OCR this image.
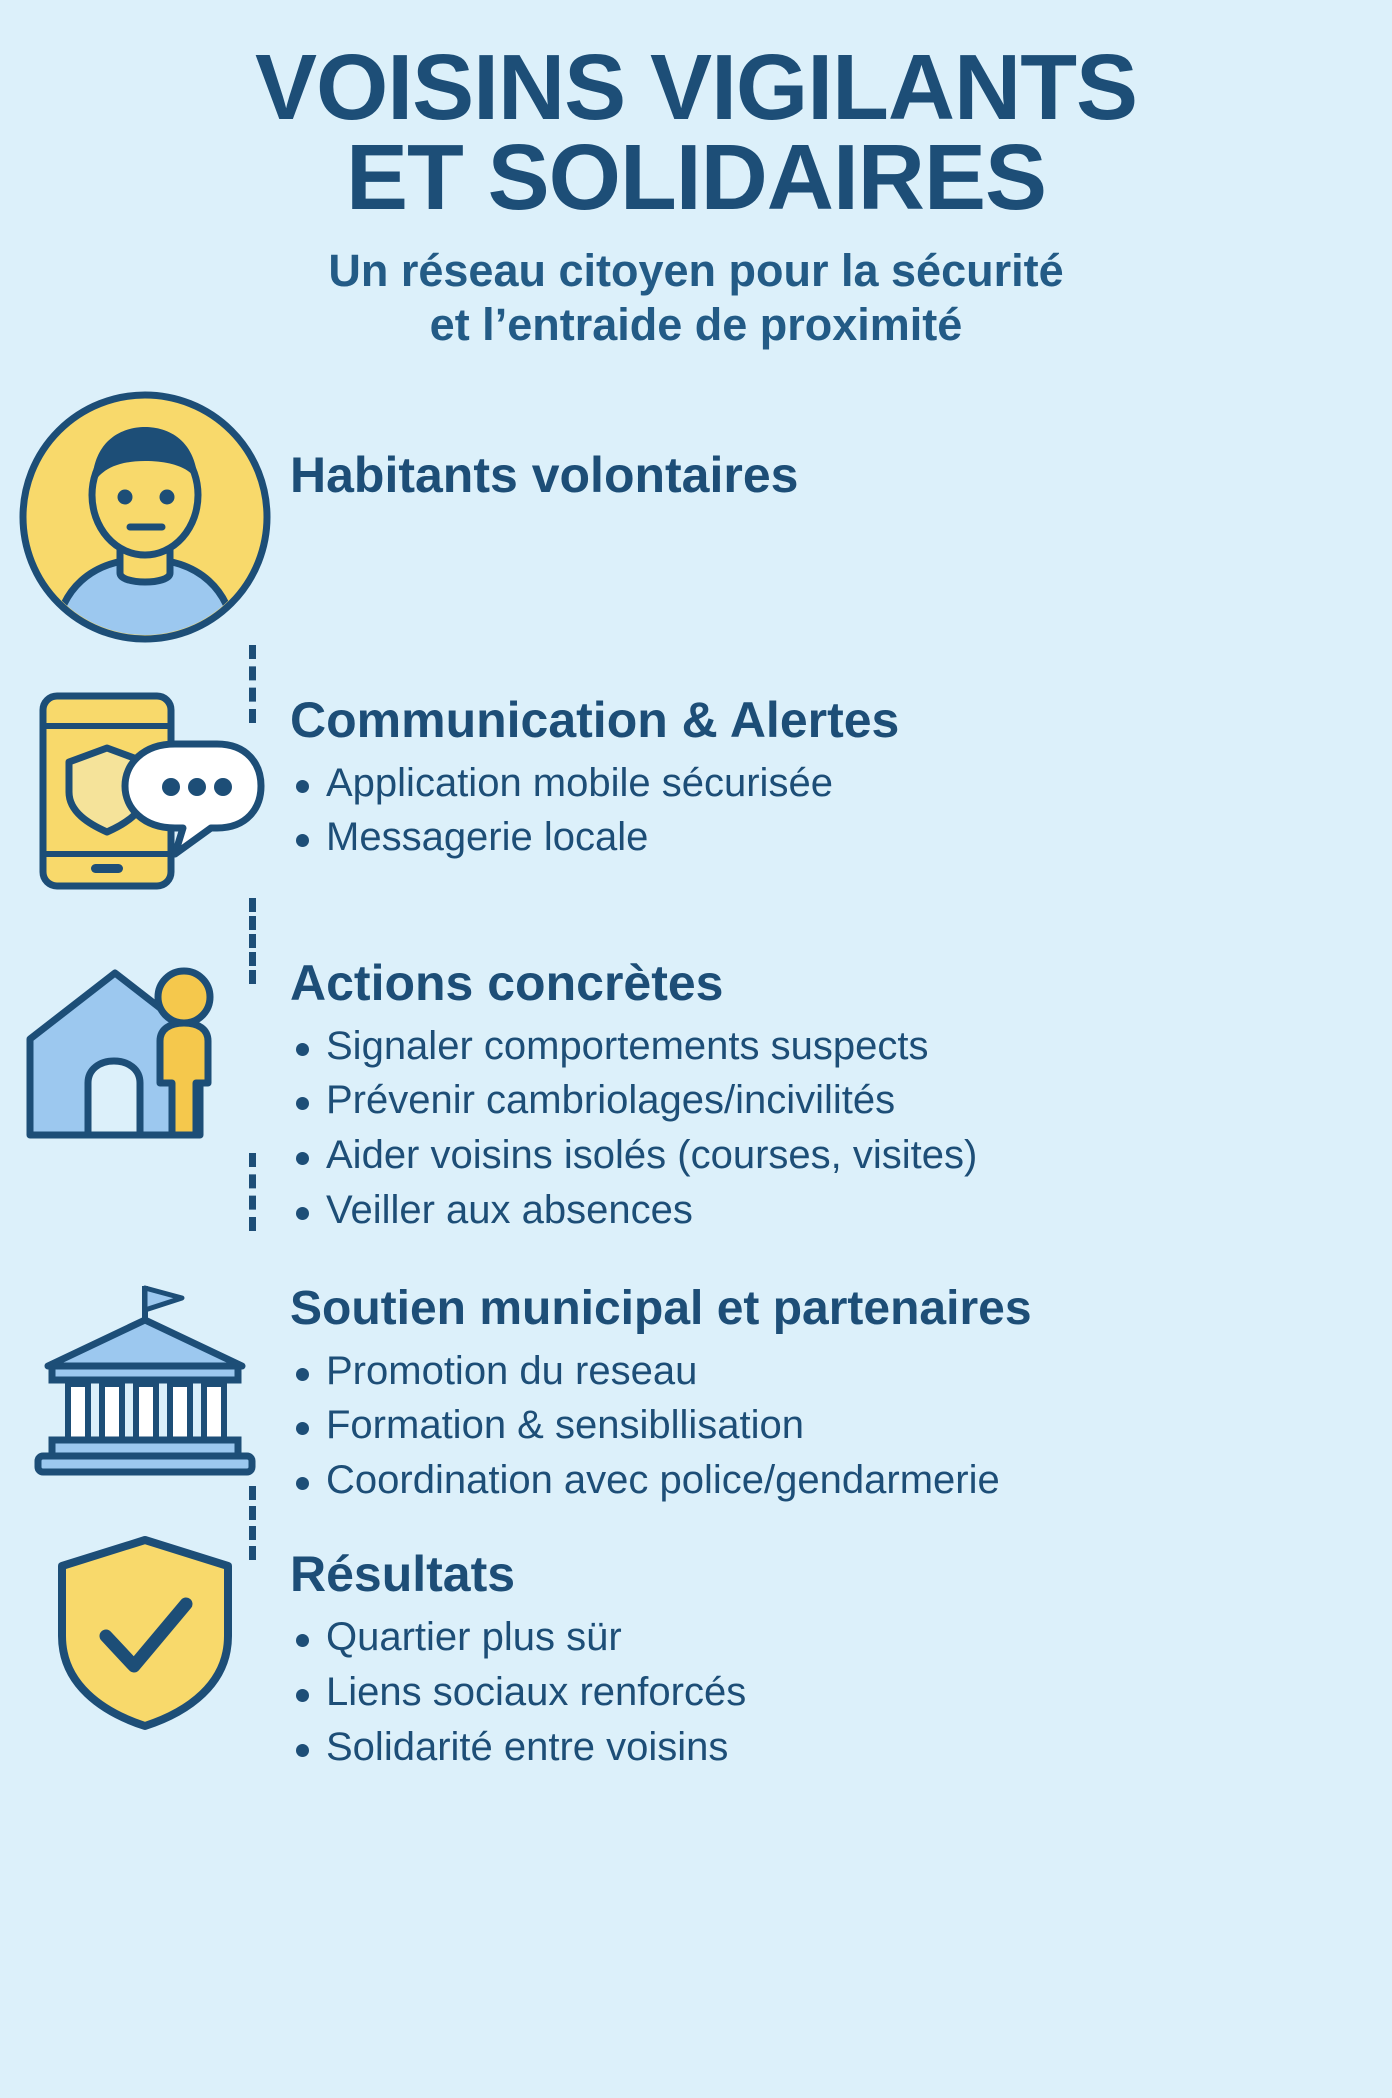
VOISINS VIGILANTS
ET SOLIDAIRES
Un réseau citoyen pour la sécurité
et l’entraide de proximité
Habitants volontaires
Communication & Alertes
Application mobile sécurisée
Messagerie locale
Actions concrètes
Signaler comportements suspects
Prévenir cambriolages/incivilités
Aider voisins isolés (courses, visites)
Veiller aux absences
Soutien municipal et partenaires
Promotion du reseau
Formation & sensibllisation
Coordination avec police/gendarmerie
Résultats
Quartier plus sür
Liens sociaux renforcés
Solidarité entre voisins
